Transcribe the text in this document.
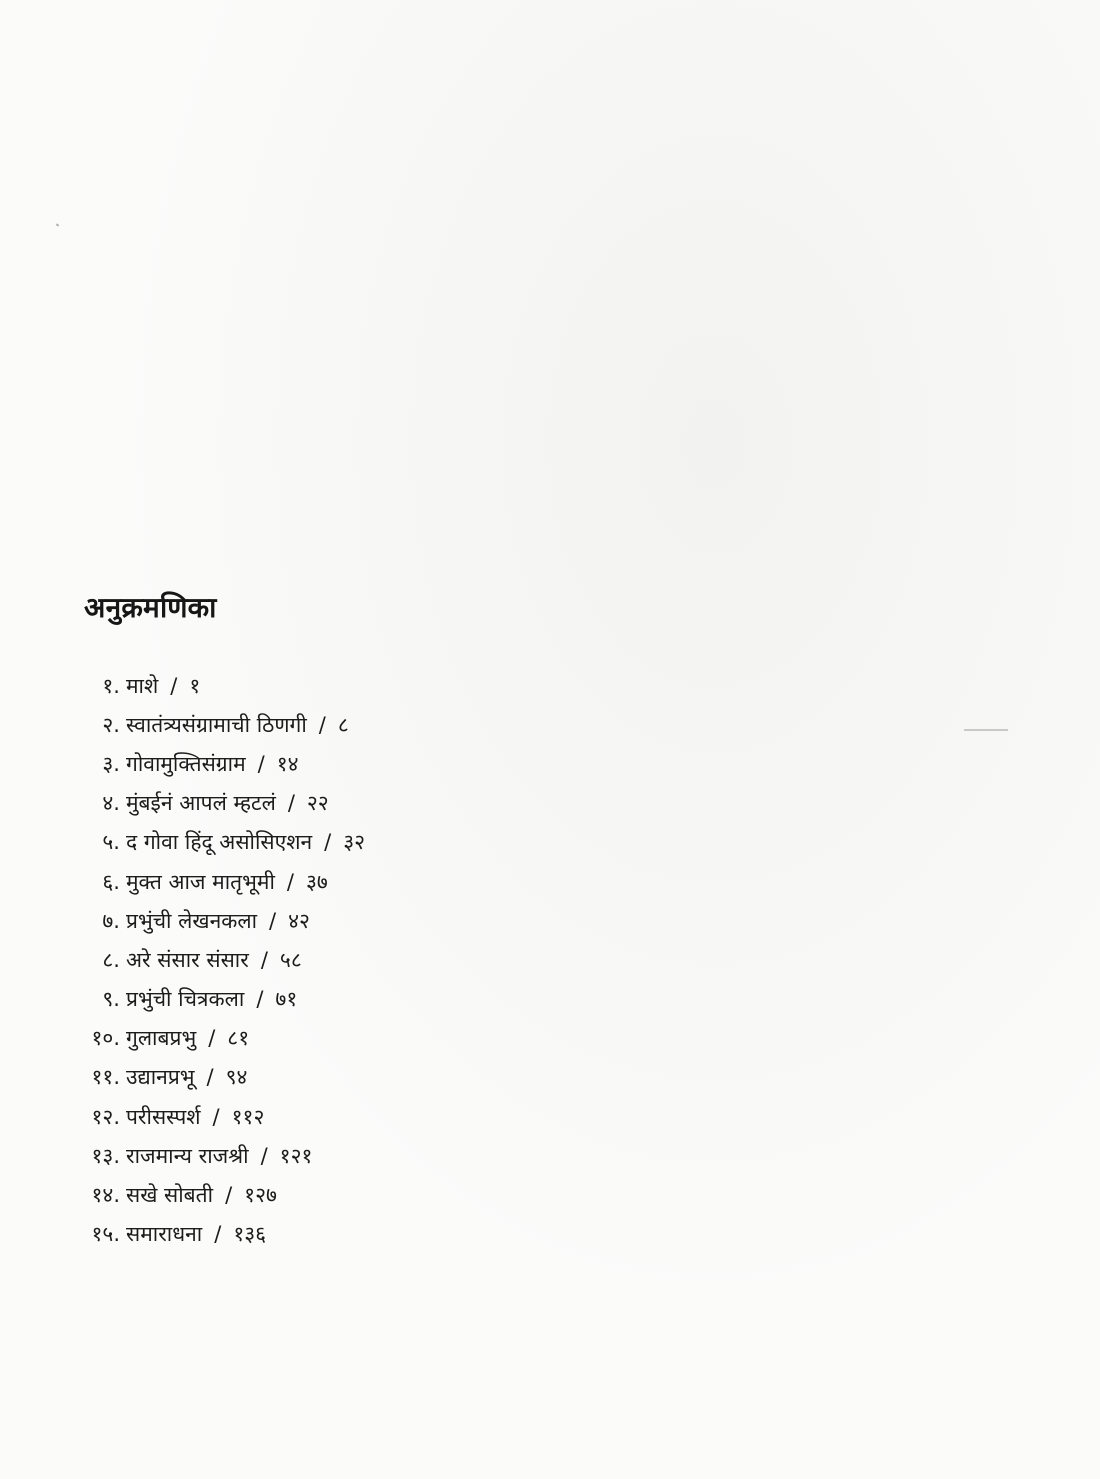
अनुक्रमणिका
१. माशे / १
२. स्वातंत्र्यसंग्रामाची ठिणगी / ८
३. गोवामुक्तिसंग्राम / १४
४. मुंबईनं आपलं म्हटलं / २२
५. द गोवा हिंदू असोसिएशन / ३२
६. मुक्त आज मातृभूमी / ३७
७. प्रभुंची लेखनकला / ४२
८. अरे संसार संसार / ५८
९. प्रभुंची चित्रकला / ७१
१०. गुलाबप्रभु / ८१
११. उद्यानप्रभू / ९४
१२. परीसस्पर्श / ११२
१३. राजमान्य राजश्री / १२१
१४. सखे सोबती / १२७
१५. समाराधना / १३६
